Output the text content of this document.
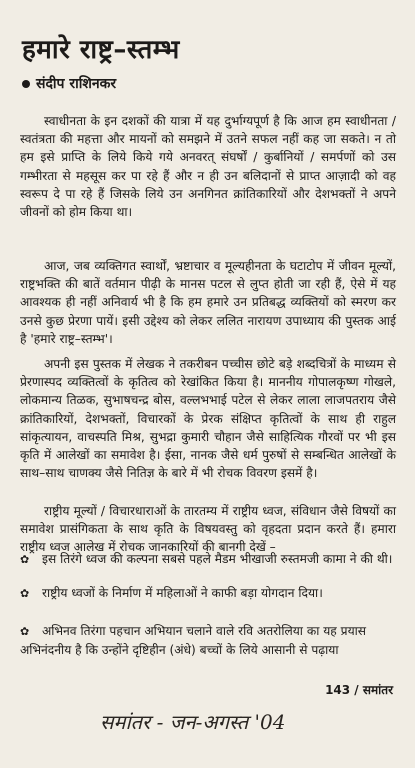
हमारे राष्ट्र–स्तम्भ
संदीप राशिनकर

स्वाधीनता के इन दशकों की यात्रा में यह दुर्भाग्यपूर्ण है कि आज हम स्वाधीनता / स्वतंत्रता की महत्ता और मायनों को समझने में उतने सफल नहीं कह जा सकते। न तो हम इसे प्राप्ति के लिये किये गये अनवरत् संघर्षों / कुर्बानियों / समर्पणों को उस गम्भीरता से महसूस कर पा रहे हैं और न ही उन बलिदानों से प्राप्त आज़ादी को वह स्वरूप दे पा रहे हैं जिसके लिये उन अनगिनत क्रांतिकारियों और देशभक्तों ने अपने जीवनों को होम किया था।

आज, जब व्यक्तिगत स्वार्थों, भ्रष्टाचार व मूल्यहीनता के घटाटोप में जीवन मूल्यों, राष्ट्रभक्ति की बातें वर्तमान पीढ़ी के मानस पटल से लुप्त होती जा रही हैं, ऐसे में यह आवश्यक ही नहीं अनिवार्य भी है कि हम हमारे उन प्रतिबद्ध व्यक्तियों को स्मरण कर उनसे कुछ प्रेरणा पायें। इसी उद्देश्य को लेकर ललित नारायण उपाध्याय की पुस्तक आई है 'हमारे राष्ट्र–स्तम्भ'।

अपनी इस पुस्तक में लेखक ने तकरीबन पच्चीस छोटे बड़े शब्दचित्रों के माध्यम से प्रेरणास्पद व्यक्तित्वों के कृतित्व को रेखांकित किया है। माननीय गोपालकृष्ण गोखले, लोकमान्य तिळक, सुभाषचन्द्र बोस, वल्लभभाई पटेल से लेकर लाला लाजपतराय जैसे क्रांतिकारियों, देशभक्तों, विचारकों के प्रेरक संक्षिप्त कृतित्वों के साथ ही राहुल सांकृत्यायन, वाचस्पति मिश्र, सुभद्रा कुमारी चौहान जैसे साहित्यिक गौरवों पर भी इस कृति में आलेखों का समावेश है। ईसा, नानक जैसे धर्म पुरुषों से सम्बन्धित आलेखों के साथ–साथ चाणक्य जैसे नितिज्ञ के बारे में भी रोचक विवरण इसमें है।

राष्ट्रीय मूल्यों / विचारधाराओं के तारतम्य में राष्ट्रीय ध्वज, संविधान जैसे विषयों का समावेश प्रासंगिकता के साथ कृति के विषयवस्तु को वृहदता प्रदान करते हैं। हमारा राष्ट्रीय ध्वज आलेख में रोचक जानकारियों की बानगी देखें –

✿ इस तिरंगे ध्वज की कल्पना सबसे पहले मैडम भीखाजी रुस्तमजी कामा ने की थी।
✿ राष्ट्रीय ध्वजों के निर्माण में महिलाओं ने काफी बड़ा योगदान दिया।
✿ अभिनव तिरंगा पहचान अभियान चलाने वाले रवि अतरोलिया का यह प्रयास अभिनंदनीय है कि उन्होंने दृष्टिहीन (अंधे) बच्चों के लिये आसानी से पढ़ाया
143 / समांतर
समांतर - जन-अगस्त '04
